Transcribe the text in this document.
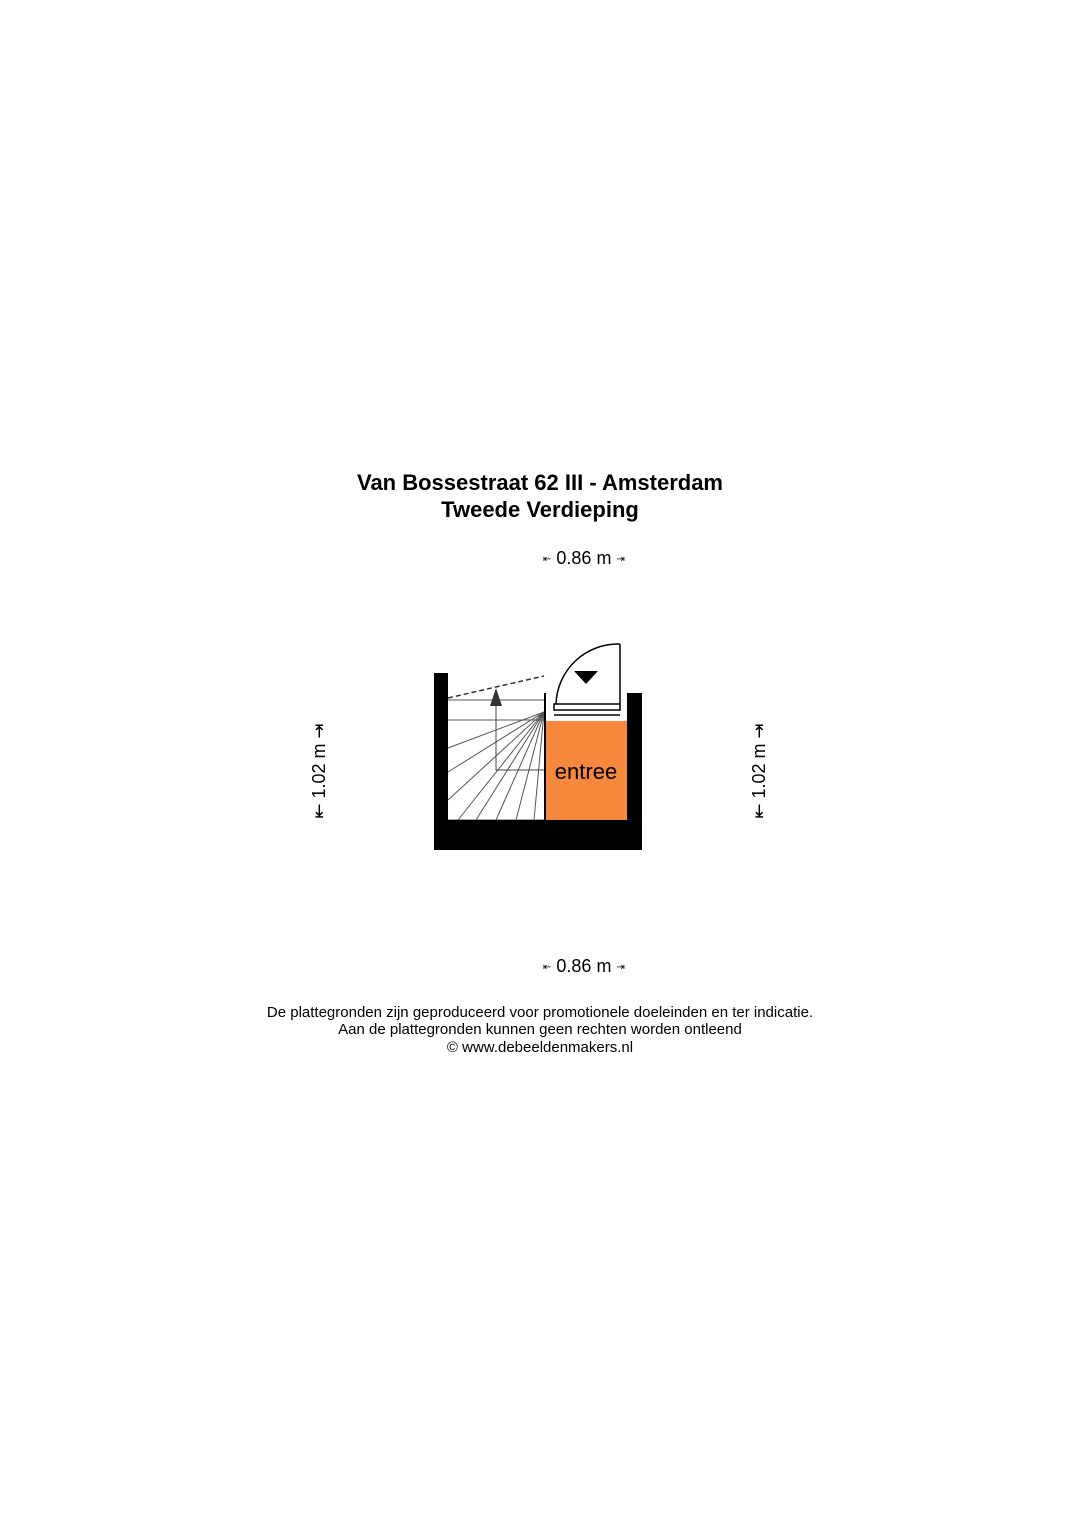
Van Bossestraat 62 III - Amsterdam
Tweede Verdieping
⇤ 0.86 m ⇥
⇤ 0.86 m ⇥
⇤ 1.02 m ⇥
⇤ 1.02 m ⇥
entree
De plattegronden zijn geproduceerd voor promotionele doeleinden en ter indicatie.
Aan de plattegronden kunnen geen rechten worden ontleend
© www.debeeldenmakers.nl
